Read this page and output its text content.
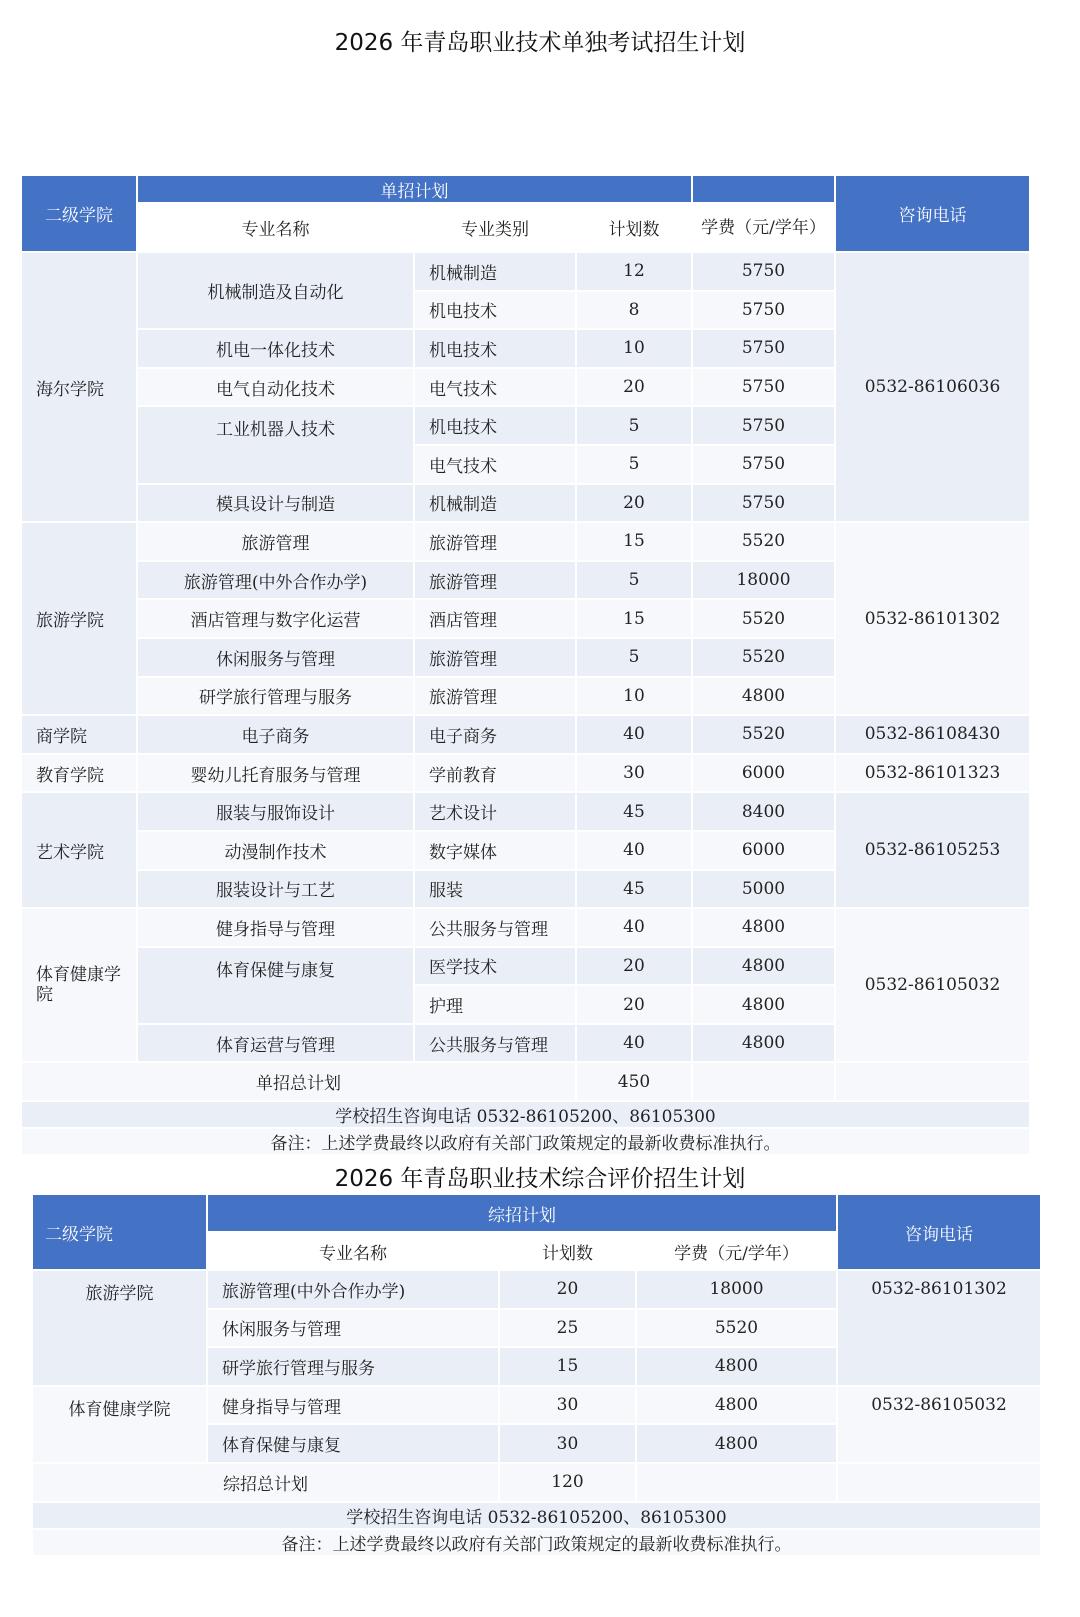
2026 年青岛职业技术单独考试招生计划
二级学院	单招计划				咨询电话
	专业名称	专业类别	计划数	学费（元/学年）	
海尔学院	机械制造及自动化	机械制造	12	5750	0532-86106036
		机电技术	8	5750	
	机电一体化技术	机电技术	10	5750	
	电气自动化技术	电气技术	20	5750	
	工业机器人技术	机电技术	5	5750	
		电气技术	5	5750	
	模具设计与制造	机械制造	20	5750	
旅游学院	旅游管理	旅游管理	15	5520	0532-86101302
	旅游管理(中外合作办学)	旅游管理	5	18000	
	酒店管理与数字化运营	酒店管理	15	5520	
	休闲服务与管理	旅游管理	5	5520	
	研学旅行管理与服务	旅游管理	10	4800	
商学院	电子商务	电子商务	40	5520	0532-86108430
教育学院	婴幼儿托育服务与管理	学前教育	30	6000	0532-86101323
艺术学院	服装与服饰设计	艺术设计	45	8400	0532-86105253
	动漫制作技术	数字媒体	40	6000	
	服装设计与工艺	服装	45	5000	
体育健康学院	健身指导与管理	公共服务与管理	40	4800	0532-86105032
	体育保健与康复	医学技术	20	4800	
		护理	20	4800	
	体育运营与管理	公共服务与管理	40	4800	
单招总计划			450		
学校招生咨询电话 0532-86105200、86105300					
备注：上述学费最终以政府有关部门政策规定的最新收费标准执行。					
2026 年青岛职业技术综合评价招生计划
二级学院	综招计划			咨询电话
	专业名称	计划数	学费（元/学年）	
旅游学院	旅游管理(中外合作办学)	20	18000	0532-86101302
	休闲服务与管理	25	5520	
	研学旅行管理与服务	15	4800	
体育健康学院	健身指导与管理	30	4800	0532-86105032
	体育保健与康复	30	4800	
综招总计划		120		
学校招生咨询电话 0532-86105200、86105300				
备注：上述学费最终以政府有关部门政策规定的最新收费标准执行。				
